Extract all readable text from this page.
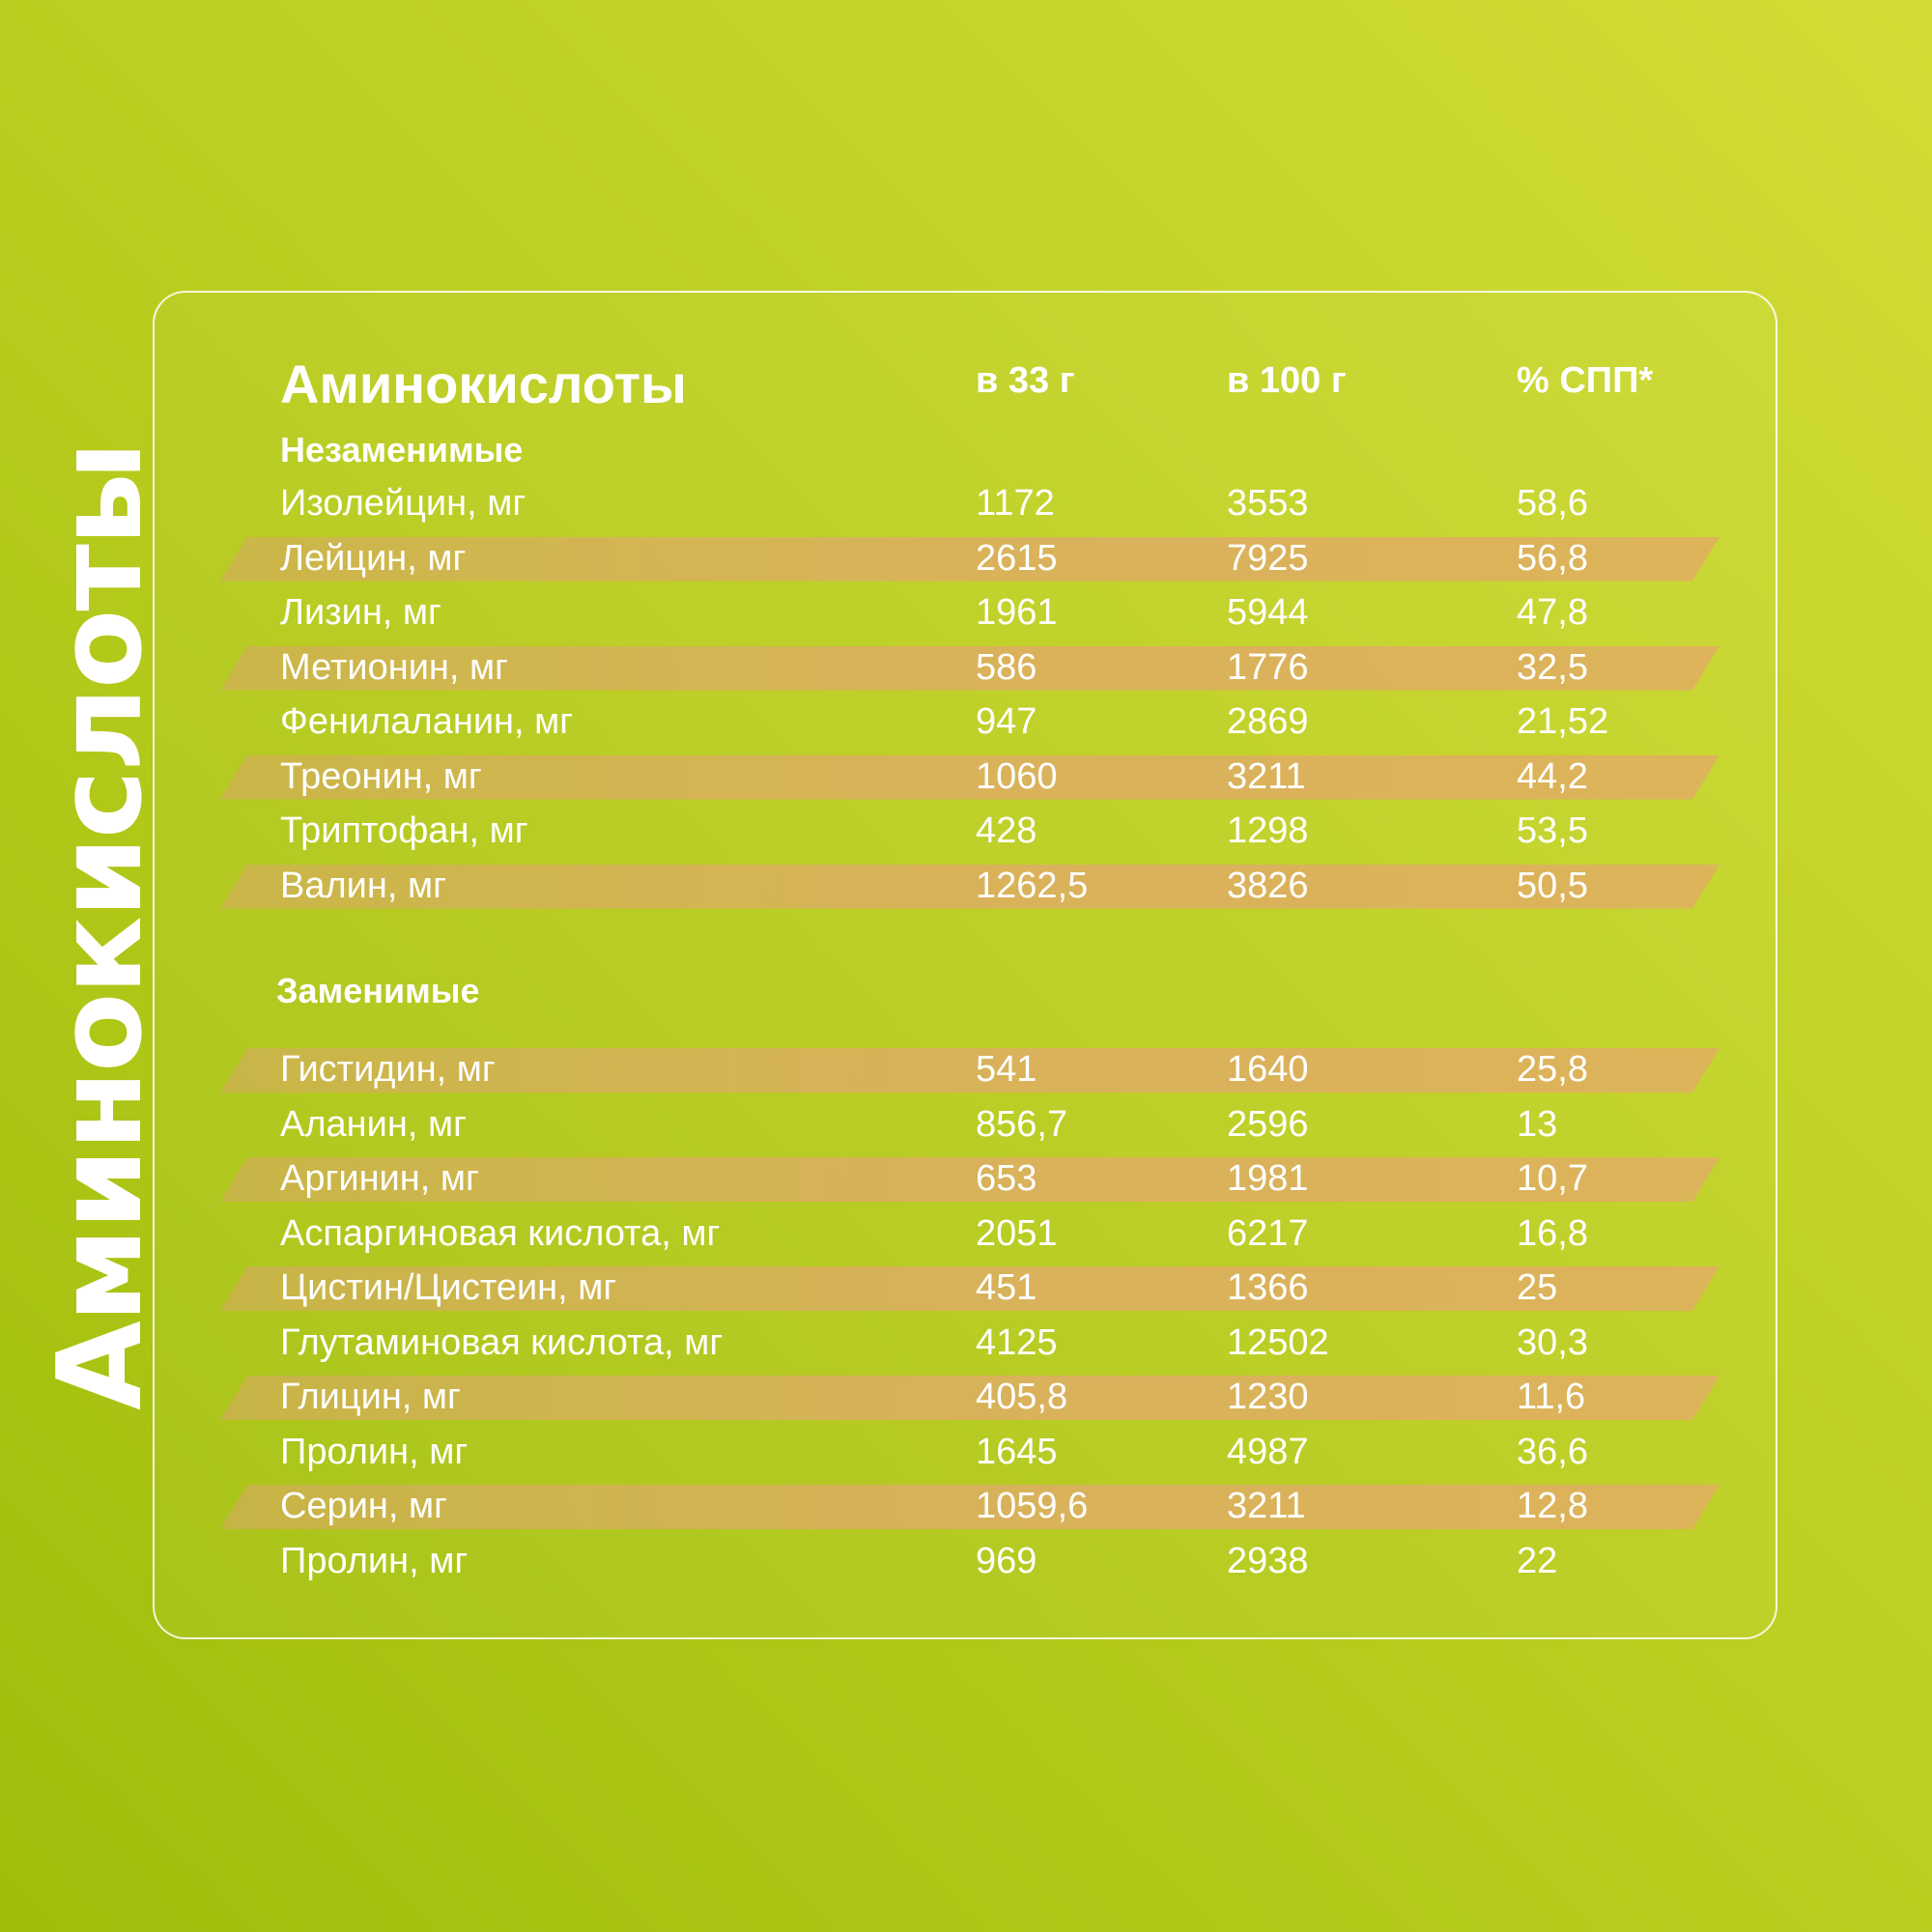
Аминокислоты
Аминокислоты	в 33 г	в 100 г	% СПП*
Незаменимые
Изолейцин, мг	1172	3553	58,6
Лейцин, мг	2615	7925	56,8
Лизин, мг	1961	5944	47,8
Метионин, мг	586	1776	32,5
Фенилаланин, мг	947	2869	21,52
Треонин, мг	1060	3211	44,2
Триптофан, мг	428	1298	53,5
Валин, мг	1262,5	3826	50,5
Заменимые
Гистидин, мг	541	1640	25,8
Аланин, мг	856,7	2596	13
Аргинин, мг	653	1981	10,7
Аспаргиновая кислота, мг	2051	6217	16,8
Цистин/Цистеин, мг	451	1366	25
Глутаминовая кислота, мг	4125	12502	30,3
Глицин, мг	405,8	1230	11,6
Пролин, мг	1645	4987	36,6
Серин, мг	1059,6	3211	12,8
Пролин, мг	969	2938	22
